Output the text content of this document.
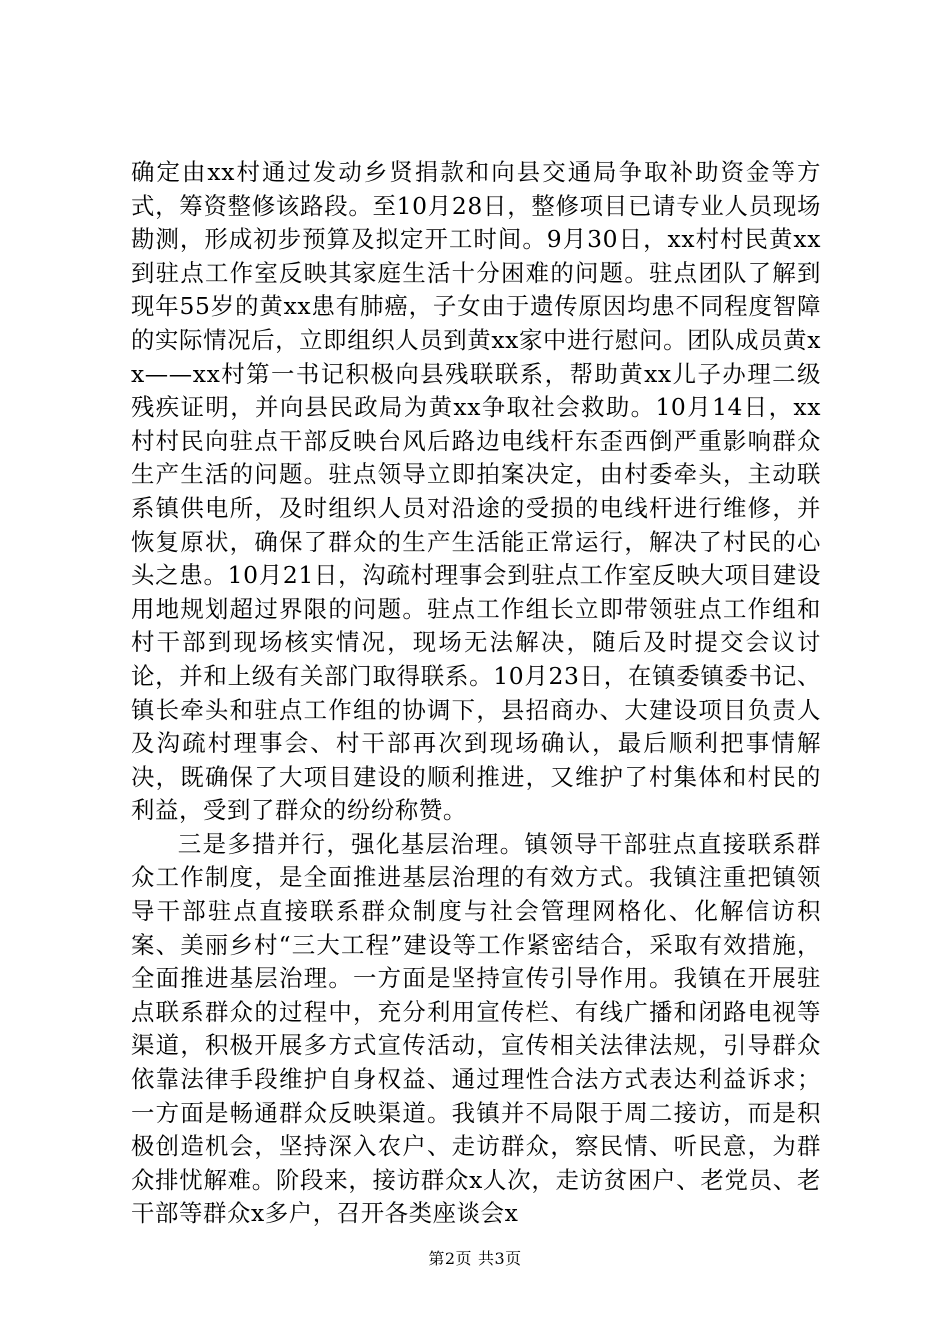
确定由xx村通过发动乡贤捐款和向县交通局争取补助资金等方式，筹资整修该路段。至10月28日，整修项目已请专业人员现场勘测，形成初步预算及拟定开工时间。9月30日，xx村村民黄xx到驻点工作室反映其家庭生活十分困难的问题。驻点团队了解到现年55岁的黄xx患有肺癌，子女由于遗传原因均患不同程度智障的实际情况后，立即组织人员到黄xx家中进行慰问。团队成员黄xx——xx村第一书记积极向县残联联系，帮助黄xx儿子办理二级残疾证明，并向县民政局为黄xx争取社会救助。10月14日，xx村村民向驻点干部反映台风后路边电线杆东歪西倒严重影响群众生产生活的问题。驻点领导立即拍案决定，由村委牵头，主动联系镇供电所，及时组织人员对沿途的受损的电线杆进行维修，并恢复原状，确保了群众的生产生活能正常运行，解决了村民的心头之患。10月21日，沟疏村理事会到驻点工作室反映大项目建设用地规划超过界限的问题。驻点工作组长立即带领驻点工作组和村干部到现场核实情况，现场无法解决，随后及时提交会议讨论，并和上级有关部门取得联系。10月23日，在镇委镇委书记、镇长牵头和驻点工作组的协调下，县招商办、大建设项目负责人及沟疏村理事会、村干部再次到现场确认，最后顺利把事情解决，既确保了大项目建设的顺利推进，又维护了村集体和村民的利益，受到了群众的纷纷称赞。

三是多措并行，强化基层治理。镇领导干部驻点直接联系群众工作制度，是全面推进基层治理的有效方式。我镇注重把镇领导干部驻点直接联系群众制度与社会管理网格化、化解信访积案、美丽乡村“三大工程”建设等工作紧密结合，采取有效措施，全面推进基层治理。一方面是坚持宣传引导作用。我镇在开展驻点联系群众的过程中，充分利用宣传栏、有线广播和闭路电视等渠道，积极开展多方式宣传活动，宣传相关法律法规，引导群众依靠法律手段维护自身权益、通过理性合法方式表达利益诉求；一方面是畅通群众反映渠道。我镇并不局限于周二接访，而是积极创造机会，坚持深入农户、走访群众，察民情、听民意，为群众排忧解难。阶段来，接访群众x人次，走访贫困户、老党员、老干部等群众x多户，召开各类座谈会x

第2页 共3页
